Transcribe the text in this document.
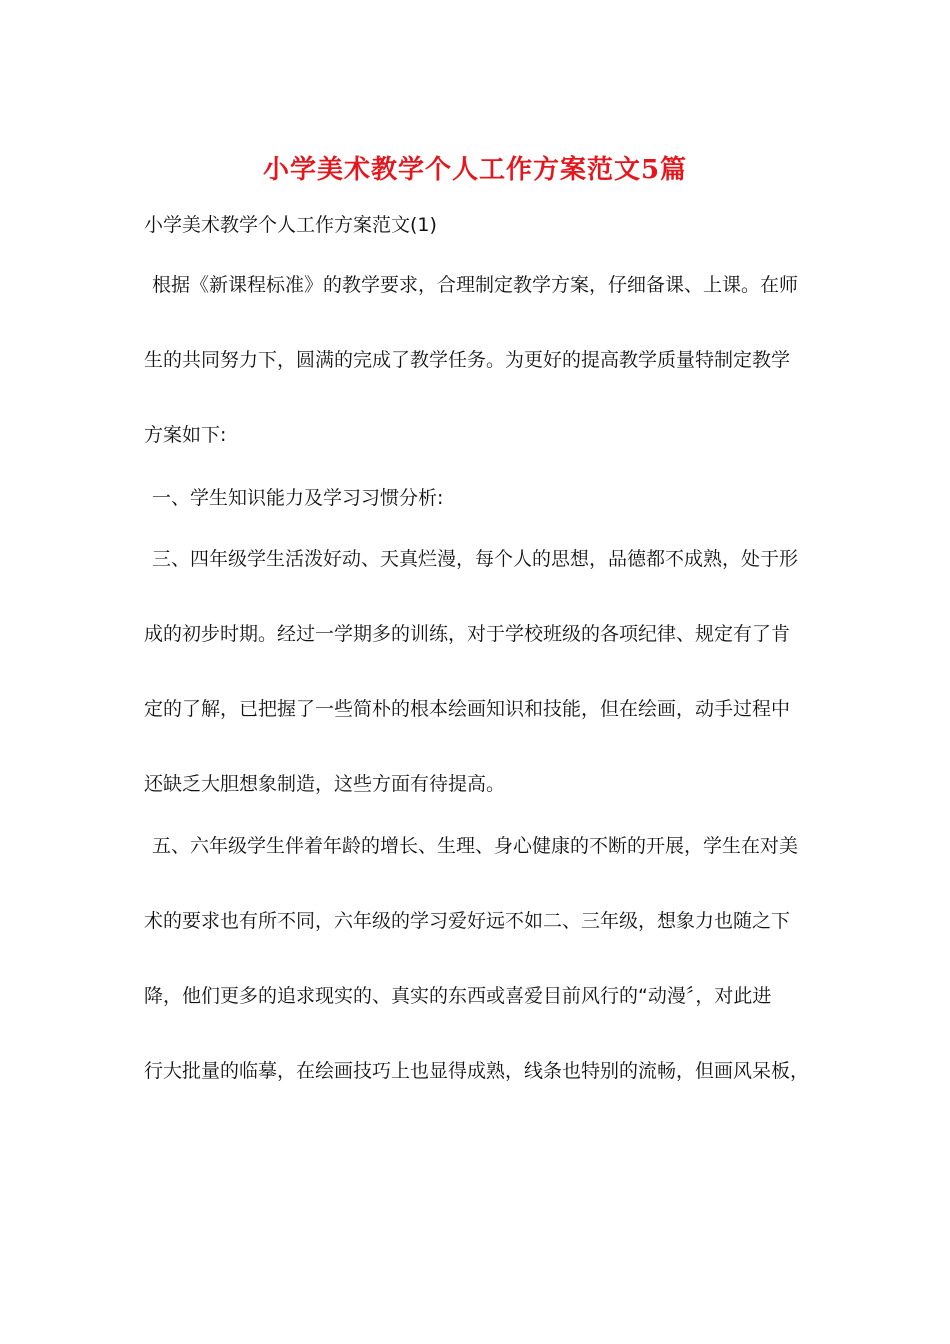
小学美术教学个人工作方案范文5篇
小学美术教学个人工作方案范文(1)
根据《新课程标准》的教学要求，合理制定教学方案，仔细备课、上课。在师
生的共同努力下，圆满的完成了教学任务。为更好的提高教学质量特制定教学
方案如下:
一、学生知识能力及学习习惯分析:
三、四年级学生活泼好动、天真烂漫，每个人的思想，品德都不成熟，处于形
成的初步时期。经过一学期多的训练，对于学校班级的各项纪律、规定有了肯
定的了解，已把握了一些简朴的根本绘画知识和技能，但在绘画，动手过程中
还缺乏大胆想象制造，这些方面有待提高。
五、六年级学生伴着年龄的增长、生理、身心健康的不断的开展，学生在对美
术的要求也有所不同，六年级的学习爱好远不如二、三年级，想象力也随之下
降，他们更多的追求现实的、真实的东西或喜爱目前风行的“动漫〞，对此进
行大批量的临摹，在绘画技巧上也显得成熟，线条也特别的流畅，但画风呆板，
